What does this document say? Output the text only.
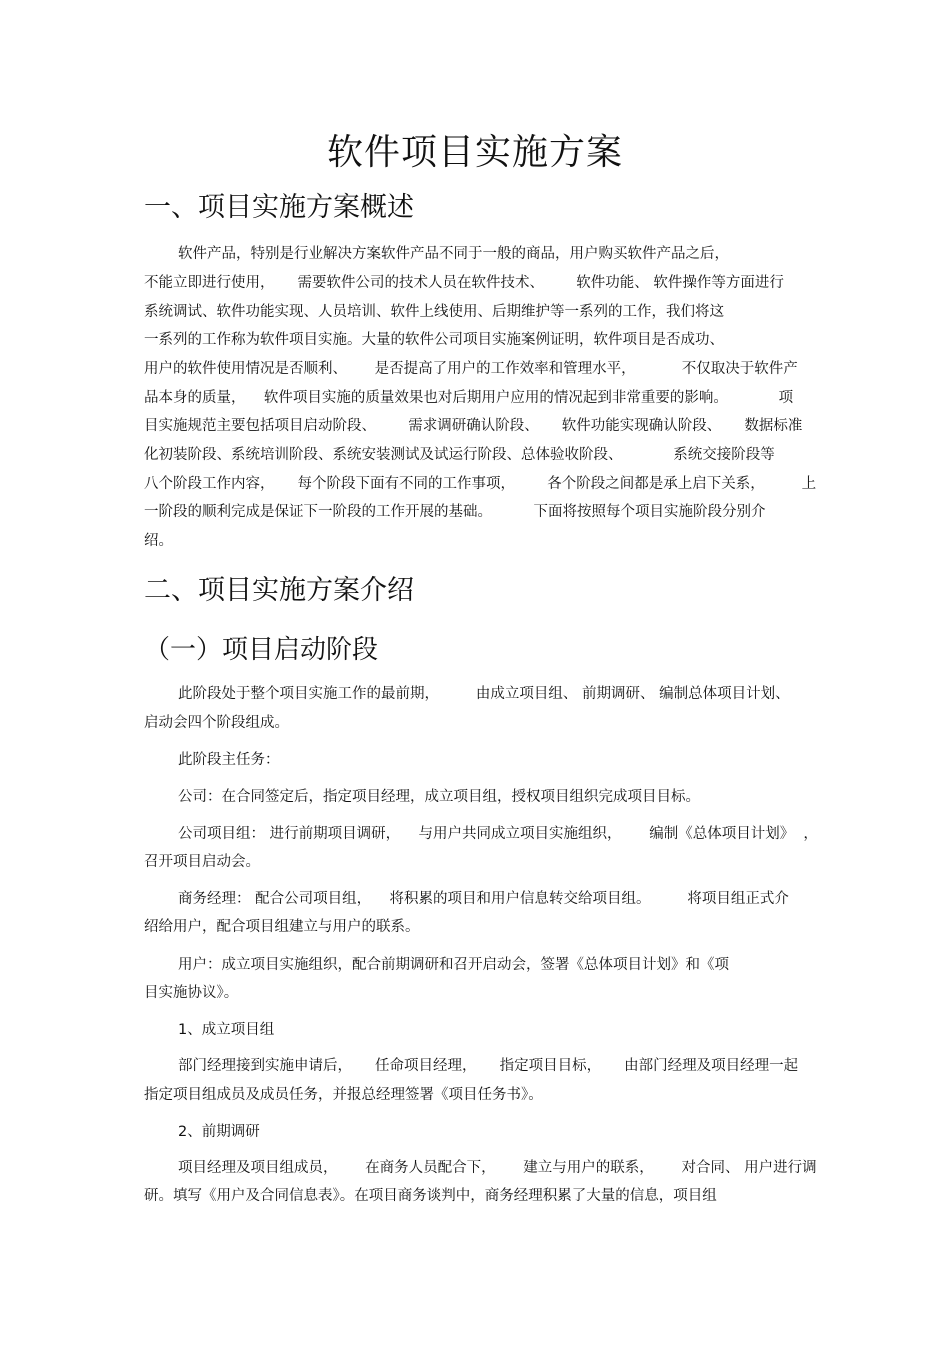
软件项目实施方案
一、项目实施方案概述
软件产品，特别是行业解决方案软件产品不同于一般的商品，用户购买软件产品之后，
不能立即进行使用，     需要软件公司的技术人员在软件技术、       软件功能、 软件操作等方面进行
系统调试、软件功能实现、人员培训、软件上线使用、后期维护等一系列的工作，我们将这
一系列的工作称为软件项目实施。大量的软件公司项目实施案例证明，软件项目是否成功、
用户的软件使用情况是否顺利、      是否提高了用户的工作效率和管理水平，          不仅取决于软件产
品本身的质量，    软件项目实施的质量效果也对后期用户应用的情况起到非常重要的影响。           项
目实施规范主要包括项目启动阶段、       需求调研确认阶段、     软件功能实现确认阶段、     数据标准
化初装阶段、系统培训阶段、系统安装测试及试运行阶段、总体验收阶段、           系统交接阶段等
八个阶段工作内容，     每个阶段下面有不同的工作事项，       各个阶段之间都是承上启下关系，        上
一阶段的顺利完成是保证下一阶段的工作开展的基础。         下面将按照每个项目实施阶段分别介
绍。
二、项目实施方案介绍
（一）项目启动阶段
此阶段处于整个项目实施工作的最前期，        由成立项目组、 前期调研、 编制总体项目计划、
启动会四个阶段组成。
此阶段主任务：
公司：在合同签定后，指定项目经理，成立项目组，授权项目组织完成项目目标。
公司项目组： 进行前期项目调研，    与用户共同成立项目实施组织，      编制《总体项目计划》  ，
召开项目启动会。
商务经理： 配合公司项目组，    将积累的项目和用户信息转交给项目组。        将项目组正式介
绍给用户，配合项目组建立与用户的联系。
用户：成立项目实施组织，配合前期调研和召开启动会，签署《总体项目计划》和《项
目实施协议》。
1、成立项目组
部门经理接到实施申请后，     任命项目经理，     指定项目目标，     由部门经理及项目经理一起
指定项目组成员及成员任务，并报总经理签署《项目任务书》。
2、前期调研
项目经理及项目组成员，      在商务人员配合下，      建立与用户的联系，      对合同、 用户进行调
研。填写《用户及合同信息表》。在项目商务谈判中，商务经理积累了大量的信息，项目组
